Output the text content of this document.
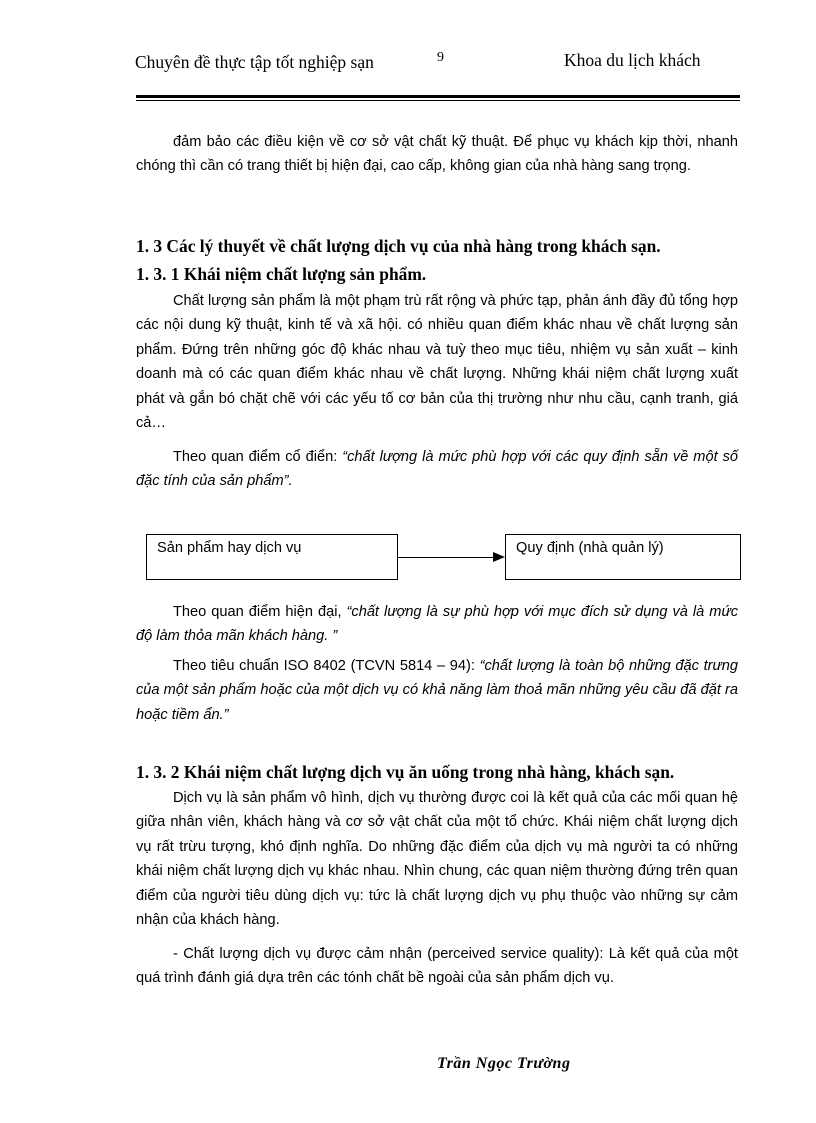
Chuyên đề thực tập tốt nghiệp sạn	9	Khoa du lịch khách
đảm bảo các điều kiện về cơ sở vật chất kỹ thuật. Để phục vụ khách kịp thời, nhanh chóng thì cần có trang thiết bị hiện đại, cao cấp, không gian của nhà hàng sang trọng.
1. 3 Các lý thuyết về chất lượng dịch vụ của nhà hàng trong khách sạn.
1. 3. 1 Khái niệm chất lượng sản phẩm.
Chất lượng sản phẩm là một phạm trù rất rộng và phức tạp, phản ánh đầy đủ tổng hợp các nội dung kỹ thuật, kinh tế và xã hội. có nhiều quan điểm khác nhau về chất lượng sản phẩm. Đứng trên những góc độ khác nhau và tuỳ theo mục tiêu, nhiệm vụ sản xuất – kinh doanh mà có các quan điểm khác nhau về chất lượng. Những khái niệm chất lượng xuất phát và gắn bó chặt chẽ với các yếu tố cơ bản của thị trường như nhu cầu, cạnh tranh, giá cả…
Theo quan điểm cổ điển: “chất lượng là mức phù hợp với các quy định sẵn về một số đặc tính của sản phẩm”.
Sản phẩm hay dịch vụ	Quy định (nhà quản lý)
Theo quan điểm hiện đại, “chất lượng là sự phù hợp với mục đích sử dụng và là mức độ làm thỏa mãn khách hàng. ”
Theo tiêu chuẩn ISO 8402 (TCVN 5814 – 94): “chất lượng là toàn bộ những đặc trưng của một sản phẩm hoặc của một dịch vụ có khả năng làm thoả mãn những yêu cầu đã đặt ra hoặc tiềm ẩn.”
1. 3. 2 Khái niệm chất lượng dịch vụ ăn uống trong nhà hàng, khách sạn.
Dịch vụ là sản phẩm vô hình, dịch vụ thường được coi là kết quả của các mối quan hệ giữa nhân viên, khách hàng và cơ sở vật chất của một tổ chức. Khái niệm chất lượng dịch vụ rất trừu tượng, khó định nghĩa. Do những đặc điểm của dịch vụ mà người ta có những khái niệm chất lượng dịch vụ khác nhau. Nhìn chung, các quan niệm thường đứng trên quan điểm của người tiêu dùng dịch vụ: tức là chất lượng dịch vụ phụ thuộc vào những sự cảm nhận của khách hàng.
- Chất lượng dịch vụ được cảm nhận (perceived service quality): Là kết quả của một quá trình đánh giá dựa trên các tónh chất bề ngoài của sản phẩm dịch vụ.
Trần Ngọc Trường
